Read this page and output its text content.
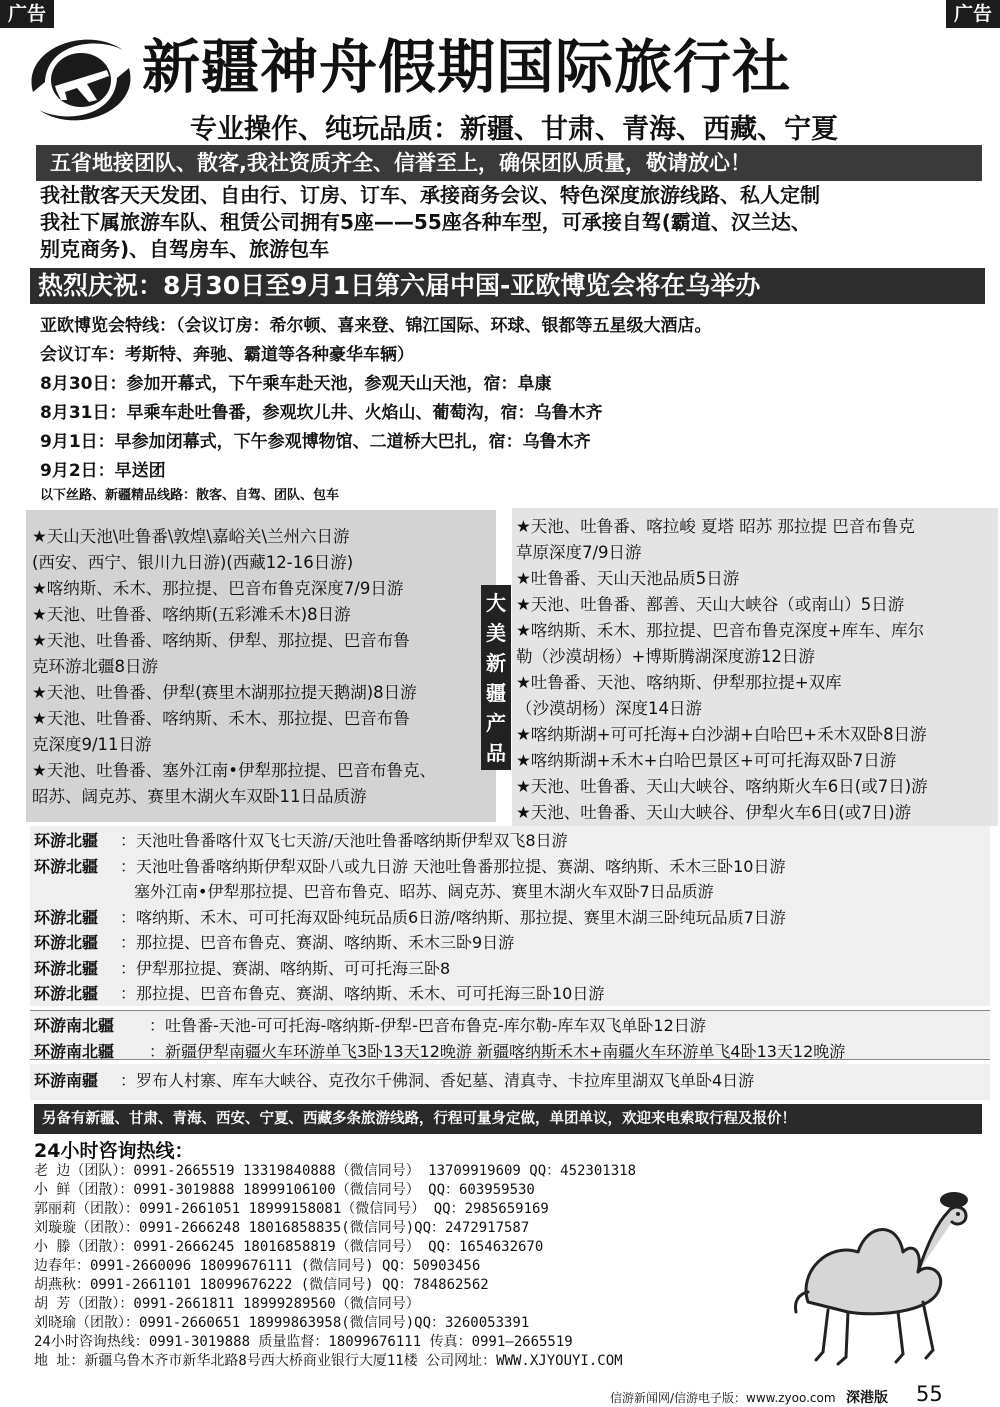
广告	广告
新疆神舟假期国际旅行社
专业操作、纯玩品质：新疆、甘肃、青海、西藏、宁夏
五省地接团队、散客,我社资质齐全、信誉至上，确保团队质量，敬请放心！
我社散客天天发团、自由行、订房、订车、承接商务会议、特色深度旅游线路、私人定制
我社下属旅游车队、租赁公司拥有5座——55座各种车型，可承接自驾(霸道、汉兰达、
别克商务)、自驾房车、旅游包车
热烈庆祝：8月30日至9月1日第六届中国-亚欧博览会将在乌举办
亚欧博览会特线：（会议订房：希尔顿、喜来登、锦江国际、环球、银都等五星级大酒店。
会议订车：考斯特、奔驰、霸道等各种豪华车辆）
8月30日：参加开幕式，下午乘车赴天池，参观天山天池，宿：阜康
8月31日：早乘车赴吐鲁番，参观坎儿井、火焰山、葡萄沟，宿：乌鲁木齐
9月1日：早参加闭幕式，下午参观博物馆、二道桥大巴扎，宿：乌鲁木齐
9月2日：早送团
以下丝路、新疆精品线路：散客、自驾、团队、包车
★天山天池\吐鲁番\敦煌\嘉峪关\兰州六日游
(西安、西宁、银川九日游)(西藏12-16日游)
★喀纳斯、禾木、那拉提、巴音布鲁克深度7/9日游
★天池、吐鲁番、喀纳斯(五彩滩禾木)8日游
★天池、吐鲁番、喀纳斯、伊犁、那拉提、巴音布鲁
克环游北疆8日游
★天池、吐鲁番、伊犁(赛里木湖那拉提天鹅湖)8日游
★天池、吐鲁番、喀纳斯、禾木、那拉提、巴音布鲁
克深度9/11日游
★天池、吐鲁番、塞外江南•伊犁那拉提、巴音布鲁克、
昭苏、阔克苏、赛里木湖火车双卧11日品质游
★天池、吐鲁番、喀拉峻 夏塔 昭苏 那拉提 巴音布鲁克
草原深度7/9日游
★吐鲁番、天山天池品质5日游
★天池、吐鲁番、鄯善、天山大峡谷（或南山）5日游
★喀纳斯、禾木、那拉提、巴音布鲁克深度+库车、库尔
勒（沙漠胡杨）+博斯腾湖深度游12日游
★吐鲁番、天池、喀纳斯、伊犁那拉提+双库
（沙漠胡杨）深度14日游
★喀纳斯湖+可可托海+白沙湖+白哈巴+禾木双卧8日游
★喀纳斯湖+禾木+白哈巴景区+可可托海双卧7日游
★天池、吐鲁番、天山大峡谷、喀纳斯火车6日(或7日)游
★天池、吐鲁番、天山大峡谷、伊犁火车6日(或7日)游
大
美
新
疆
产
品
环游北疆 ：天池吐鲁番喀什双飞七天游/天池吐鲁番喀纳斯伊犁双飞8日游
环游北疆 ：天池吐鲁番喀纳斯伊犁双卧八或九日游 天池吐鲁番那拉提、赛湖、喀纳斯、禾木三卧10日游
塞外江南•伊犁那拉提、巴音布鲁克、昭苏、阔克苏、赛里木湖火车双卧7日品质游
环游北疆 ：喀纳斯、禾木、可可托海双卧纯玩品质6日游/喀纳斯、那拉提、赛里木湖三卧纯玩品质7日游
环游北疆 ：那拉提、巴音布鲁克、赛湖、喀纳斯、禾木三卧9日游
环游北疆 ：伊犁那拉提、赛湖、喀纳斯、可可托海三卧8
环游北疆 ：那拉提、巴音布鲁克、赛湖、喀纳斯、禾木、可可托海三卧10日游
环游南北疆 ：吐鲁番-天池-可可托海-喀纳斯-伊犁-巴音布鲁克-库尔勒-库车双飞单卧12日游
环游南北疆 ：新疆伊犁南疆火车环游单飞3卧13天12晚游 新疆喀纳斯禾木+南疆火车环游单飞4卧13天12晚游
环游南疆 ：罗布人村寨、库车大峡谷、克孜尔千佛洞、香妃墓、清真寺、卡拉库里湖双飞单卧4日游
另备有新疆、甘肃、青海、西安、宁夏、西藏多条旅游线路，行程可量身定做，单团单议，欢迎来电索取行程及报价！
24小时咨询热线：
老 边（团队）：0991-2665519 13319840888（微信同号） 13709919609 QQ：452301318
小 鲜（团散）：0991-3019888 18999106100（微信同号） QQ：603959530
郭丽莉（团散）：0991-2661051 18999158081（微信同号） QQ：2985659169
刘璇璇（团散）：0991-2666248 18016858835(微信同号)QQ：2472917587
小 滕（团散）：0991-2666245 18016858819（微信同号） QQ：1654632670
边春年：0991-2660096 18099676111 (微信同号) QQ：50903456
胡燕秋：0991-2661101 18099676222 (微信同号) QQ：784862562
胡 芳（团散）：0991-2661811 18999289560（微信同号）
刘晓瑜（团散）：0991-2660651 18999863958(微信同号)QQ：3260053391
24小时咨询热线：0991-3019888 质量监督：18099676111 传真：0991—2665519
地 址：新疆乌鲁木齐市新华北路8号西大桥商业银行大厦11楼 公司网址：WWW.XJYOUYI.COM
信游新闻网/信游电子版：www.zyoo.com 深港版 55
